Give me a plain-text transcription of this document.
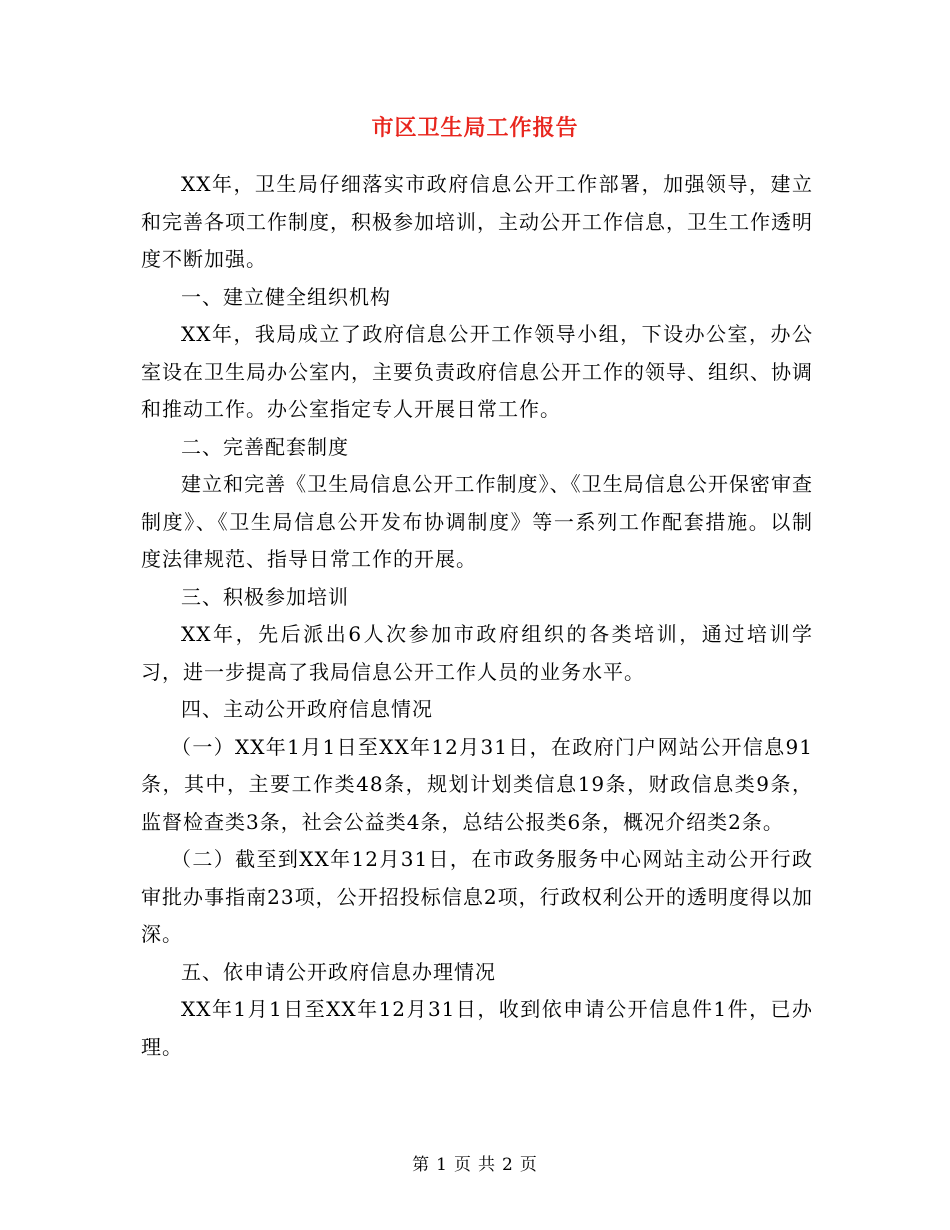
市区卫生局工作报告

XX年，卫生局仔细落实市政府信息公开工作部署，加强领导，建立和完善各项工作制度，积极参加培训，主动公开工作信息，卫生工作透明度不断加强。

一、建立健全组织机构

XX年，我局成立了政府信息公开工作领导小组，下设办公室，办公室设在卫生局办公室内，主要负责政府信息公开工作的领导、组织、协调和推动工作。办公室指定专人开展日常工作。

二、完善配套制度

建立和完善《卫生局信息公开工作制度》、《卫生局信息公开保密审查制度》、《卫生局信息公开发布协调制度》等一系列工作配套措施。以制度法律规范、指导日常工作的开展。

三、积极参加培训

XX年，先后派出6人次参加市政府组织的各类培训，通过培训学习，进一步提高了我局信息公开工作人员的业务水平。

四、主动公开政府信息情况

（一）XX年1月1日至XX年12月31日，在政府门户网站公开信息91条，其中，主要工作类48条，规划计划类信息19条，财政信息类9条，监督检查类3条，社会公益类4条，总结公报类6条，概况介绍类2条。

（二）截至到XX年12月31日，在市政务服务中心网站主动公开行政审批办事指南23项，公开招投标信息2项，行政权利公开的透明度得以加深。

五、依申请公开政府信息办理情况

XX年1月1日至XX年12月31日，收到依申请公开信息件1件，已办理。

第 1 页 共 2 页
